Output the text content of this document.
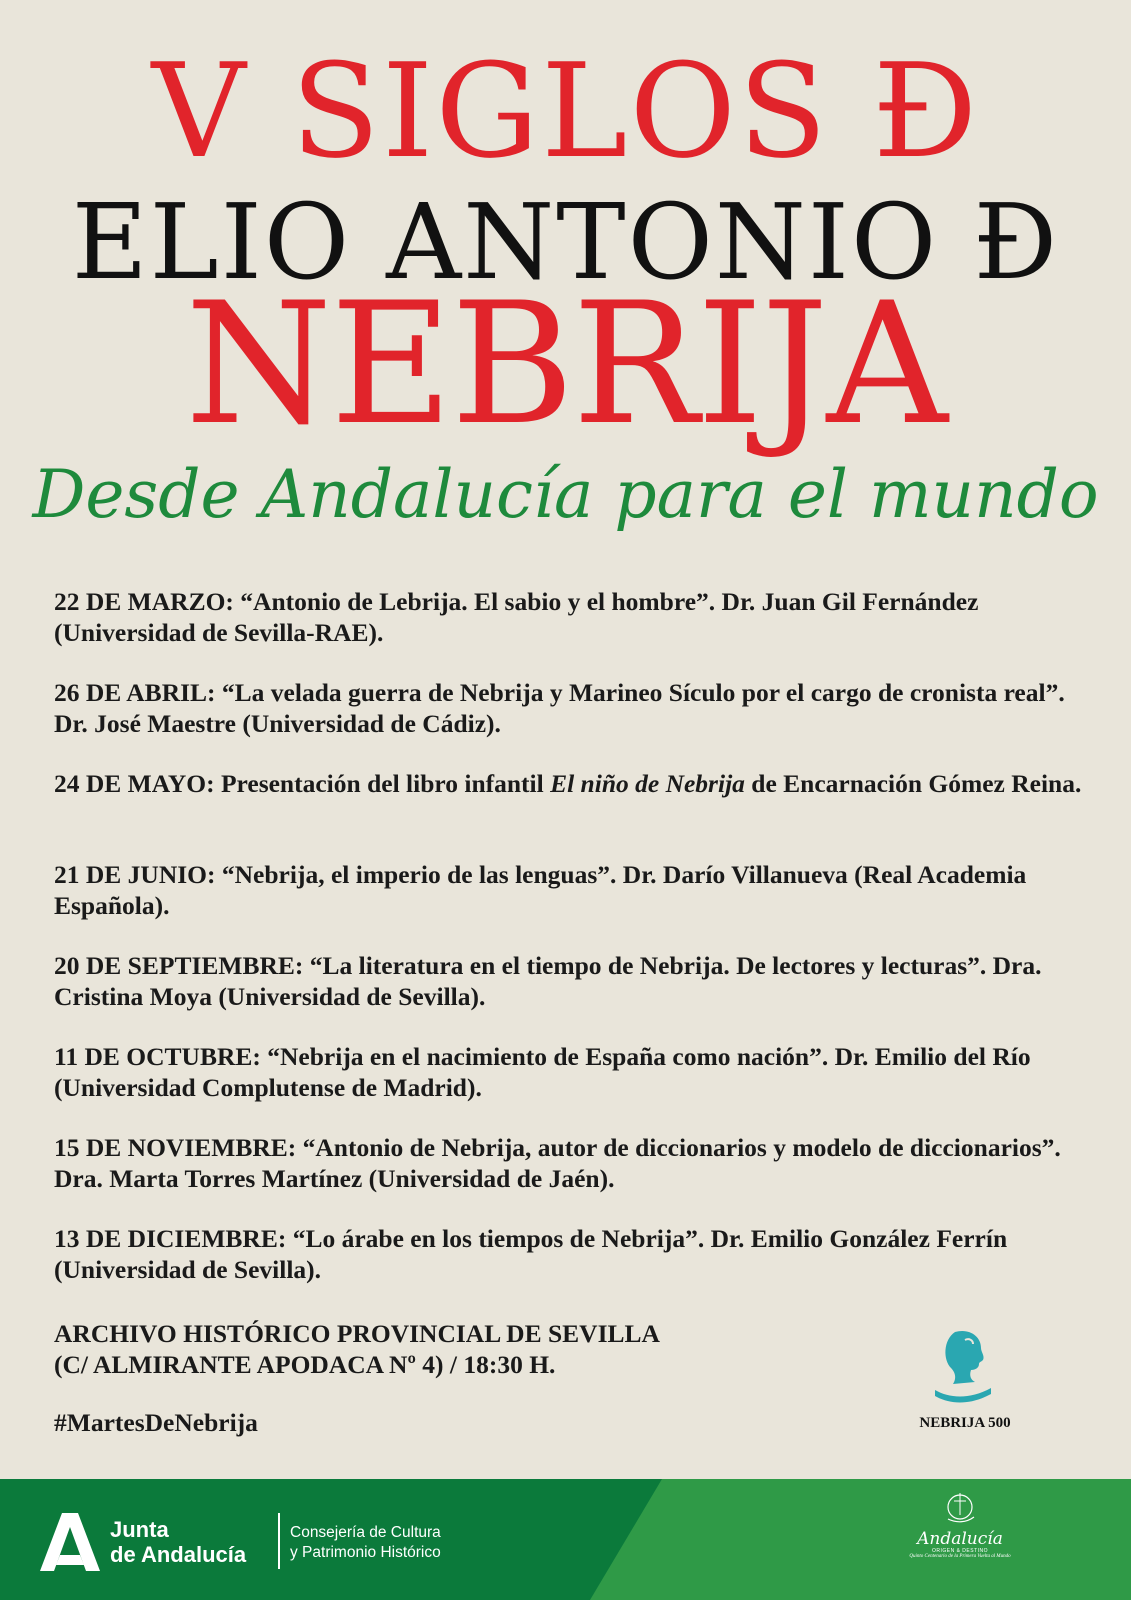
V SIGLOS Đ
ELIO ANTONIO Đ
NEBRIJA
Desde Andalucía para el mundo
22 DE MARZO: “Antonio de Lebrija. El sabio y el hombre”. Dr. Juan Gil Fernández (Universidad de Sevilla-RAE).
26 DE ABRIL: “La velada guerra de Nebrija y Marineo Sículo por el cargo de cronista real”. Dr. José Maestre (Universidad de Cádiz).
24 DE MAYO: Presentación del libro infantil El niño de Nebrija de Encarnación Gómez Reina.
21 DE JUNIO: “Nebrija, el imperio de las lenguas”. Dr. Darío Villanueva (Real Academia Española).
20 DE SEPTIEMBRE: “La literatura en el tiempo de Nebrija. De lectores y lecturas”. Dra. Cristina Moya (Universidad de Sevilla).
11 DE OCTUBRE: “Nebrija en el nacimiento de España como nación”. Dr. Emilio del Río (Universidad Complutense de Madrid).
15 DE NOVIEMBRE: “Antonio de Nebrija, autor de diccionarios y modelo de diccionarios”. Dra. Marta Torres Martínez (Universidad de Jaén).
13 DE DICIEMBRE: “Lo árabe en los tiempos de Nebrija”. Dr. Emilio González Ferrín (Universidad de Sevilla).
ARCHIVO HISTÓRICO PROVINCIAL DE SEVILLA
(C/ ALMIRANTE APODACA Nº 4) / 18:30 H.
#MartesDeNebrija	NEBRIJA 500
Junta
de Andalucía
Consejería de Cultura
y Patrimonio Histórico
Andalucía
ORIGEN & DESTINO
Quinto Centenario de la Primera Vuelta al Mundo
